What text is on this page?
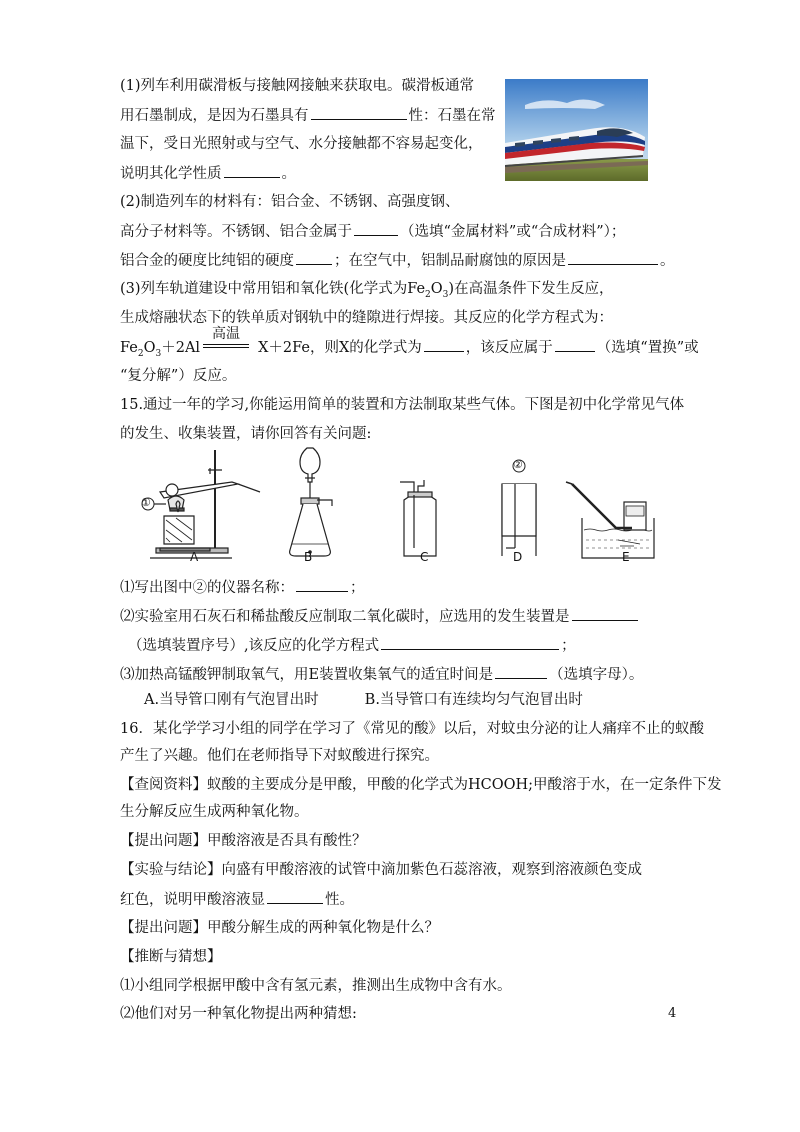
(1)列车利用碳滑板与接触网接触来获取电。碳滑板通常
用石墨制成，是因为石墨具有	性：石墨在常
温下，受日光照射或与空气、水分接触都不容易起变化，
说明其化学性质	。
(2)制造列车的材料有：铝合金、不锈钢、高强度钢、
高分子材料等。不锈钢、铝合金属于	（选填“金属材料”或“合成材料”）；
铝合金的硬度比纯铝的硬度	；在空气中，铝制品耐腐蚀的原因是	。
(3)列车轨道建设中常用铝和氧化铁(化学式为$Fe_2O_3$)在高温条件下发生反应，
生成熔融状态下的铁单质对钢轨中的缝隙进行焊接。其反应的化学方程式为：
$Fe_2O_3+2Al$	X＋2Fe，则X的化学式为	，该反应属于	（选填“置换”或
高温
“复分解”）反应。
15.通过一年的学习,你能运用简单的装置和方法制取某些气体。下图是初中化学常见气体
的发生、收集装置，请你回答有关问题:
A	B	C	D	E
①
②
⑴写出图中②的仪器名称：	；
⑵实验室用石灰石和稀盐酸反应制取二氧化碳时，应选用的发生装置是
（选填装置序号）,该反应的化学方程式	；
⑶加热高锰酸钾制取氧气，用E装置收集氧气的适宜时间是	（选填字母）。
A.当导管口刚有气泡冒出时          B.当导管口有连续均匀气泡冒出时
16．某化学学习小组的同学在学习了《常见的酸》以后，对蚊虫分泌的让人痛痒不止的蚁酸
产生了兴趣。他们在老师指导下对蚁酸进行探究。
【查阅资料】蚁酸的主要成分是甲酸，甲酸的化学式为HCOOH;甲酸溶于水，在一定条件下发
生分解反应生成两种氧化物。
【提出问题】甲酸溶液是否具有酸性？
【实验与结论】向盛有甲酸溶液的试管中滴加紫色石蕊溶液，观察到溶液颜色变成
红色，说明甲酸溶液显	性。
【提出问题】甲酸分解生成的两种氧化物是什么？
【推断与猜想】
⑴小组同学根据甲酸中含有氢元素，推测出生成物中含有水。
⑵他们对另一种氧化物提出两种猜想:	4
